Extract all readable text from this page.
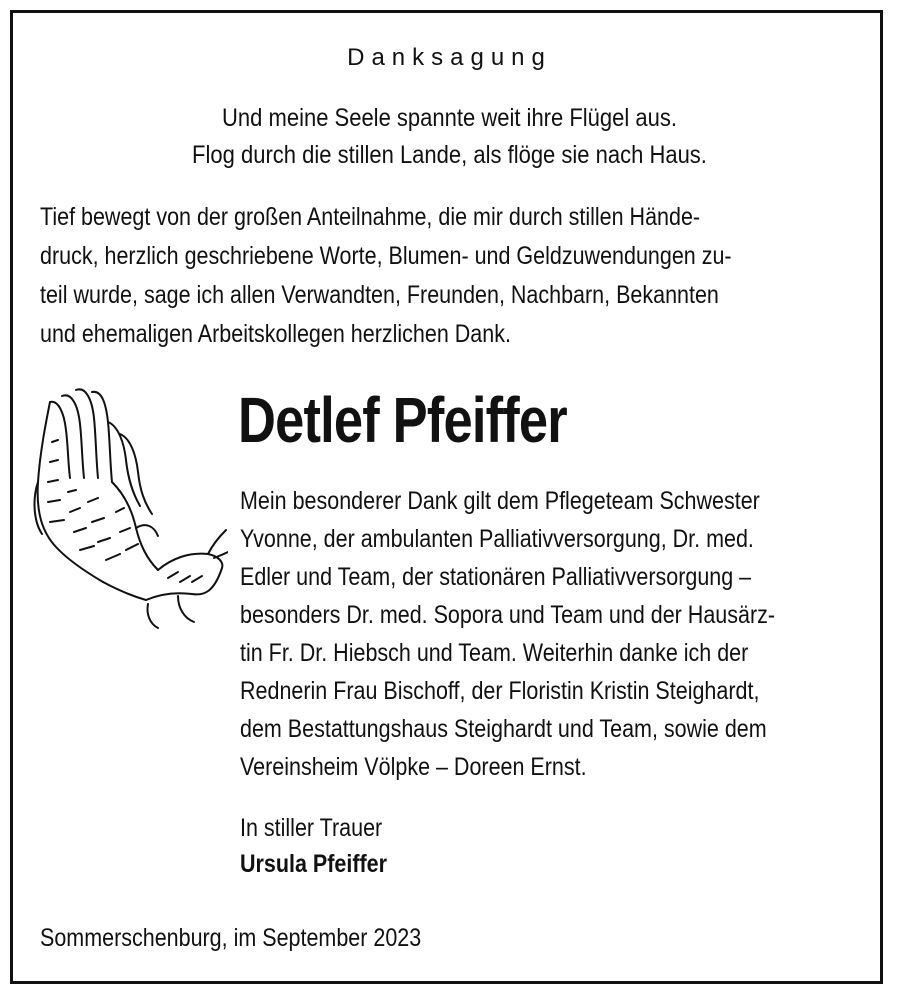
Danksagung
Und meine Seele spannte weit ihre Flügel aus.
Flog durch die stillen Lande, als flöge sie nach Haus.
Tief bewegt von der großen Anteilnahme, die mir durch stillen Hände-
druck, herzlich geschriebene Worte, Blumen- und Geldzuwendungen zu-
teil wurde, sage ich allen Verwandten, Freunden, Nachbarn, Bekannten
und ehemaligen Arbeitskollegen herzlichen Dank.
Detlef Pfeiffer
Mein besonderer Dank gilt dem Pflegeteam Schwester
Yvonne, der ambulanten Palliativversorgung, Dr. med.
Edler und Team, der stationären Palliativversorgung –
besonders Dr. med. Sopora und Team und der Hausärz-
tin Fr. Dr. Hiebsch und Team. Weiterhin danke ich der
Rednerin Frau Bischoff, der Floristin Kristin Steighardt,
dem Bestattungshaus Steighardt und Team, sowie dem
Vereinsheim Völpke – Doreen Ernst.
In stiller Trauer
Ursula Pfeiffer
Sommerschenburg, im September 2023
